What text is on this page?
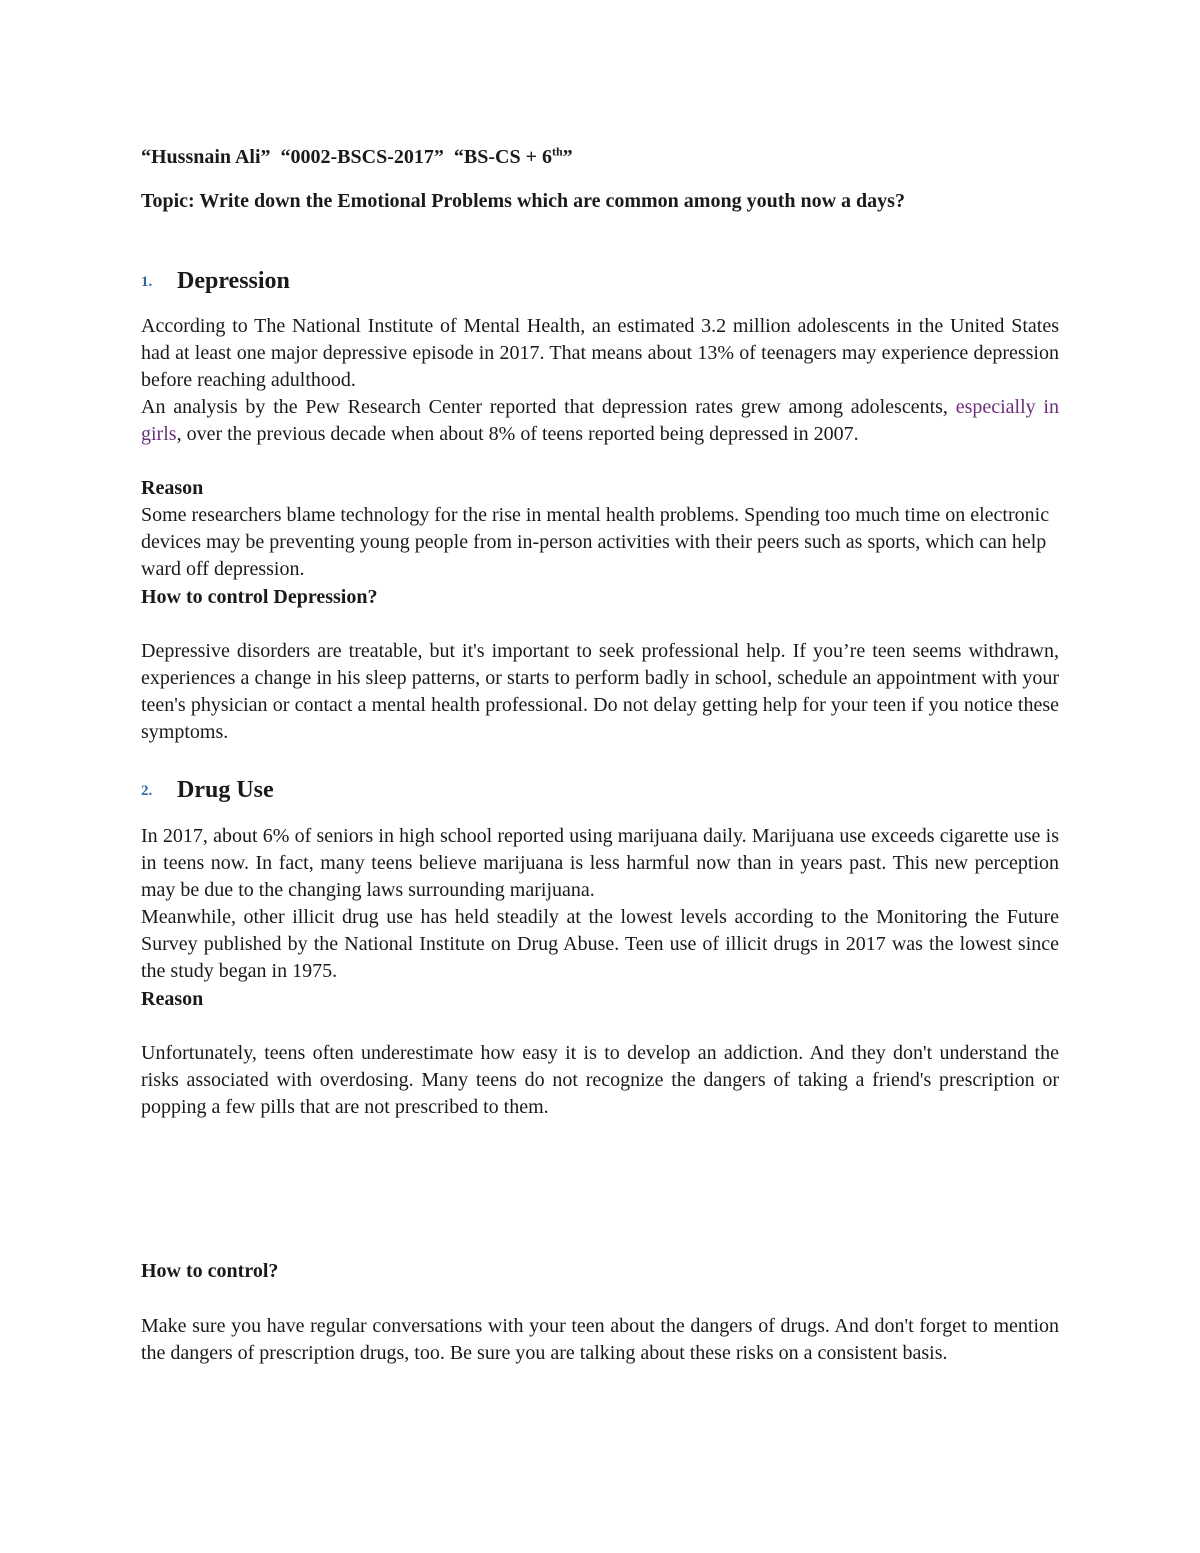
“Hussnain Ali” “0002-BSCS-2017” “BS-CS + 6th”

Topic: Write down the Emotional Problems which are common among youth now a days?

1. Depression

According to The National Institute of Mental Health, an estimated 3.2 million adolescents in the United States had at least one major depressive episode in 2017. That means about 13% of teenagers may experience depression before reaching adulthood.

An analysis by the Pew Research Center reported that depression rates grew among adolescents, especially in girls, over the previous decade when about 8% of teens reported being depressed in 2007.

Reason

Some researchers blame technology for the rise in mental health problems. Spending too much time on electronic devices may be preventing young people from in-person activities with their peers such as sports, which can help ward off depression.

How to control Depression?

Depressive disorders are treatable, but it's important to seek professional help. If you’re teen seems withdrawn, experiences a change in his sleep patterns, or starts to perform badly in school, schedule an appointment with your teen's physician or contact a mental health professional. Do not delay getting help for your teen if you notice these symptoms.

2. Drug Use

In 2017, about 6% of seniors in high school reported using marijuana daily. Marijuana use exceeds cigarette use is in teens now. In fact, many teens believe marijuana is less harmful now than in years past. This new perception may be due to the changing laws surrounding marijuana.

Meanwhile, other illicit drug use has held steadily at the lowest levels according to the Monitoring the Future Survey published by the National Institute on Drug Abuse. Teen use of illicit drugs in 2017 was the lowest since the study began in 1975.

Reason

Unfortunately, teens often underestimate how easy it is to develop an addiction. And they don't understand the risks associated with overdosing. Many teens do not recognize the dangers of taking a friend's prescription or popping a few pills that are not prescribed to them.

How to control?

Make sure you have regular conversations with your teen about the dangers of drugs. And don't forget to mention the dangers of prescription drugs, too. Be sure you are talking about these risks on a consistent basis.
